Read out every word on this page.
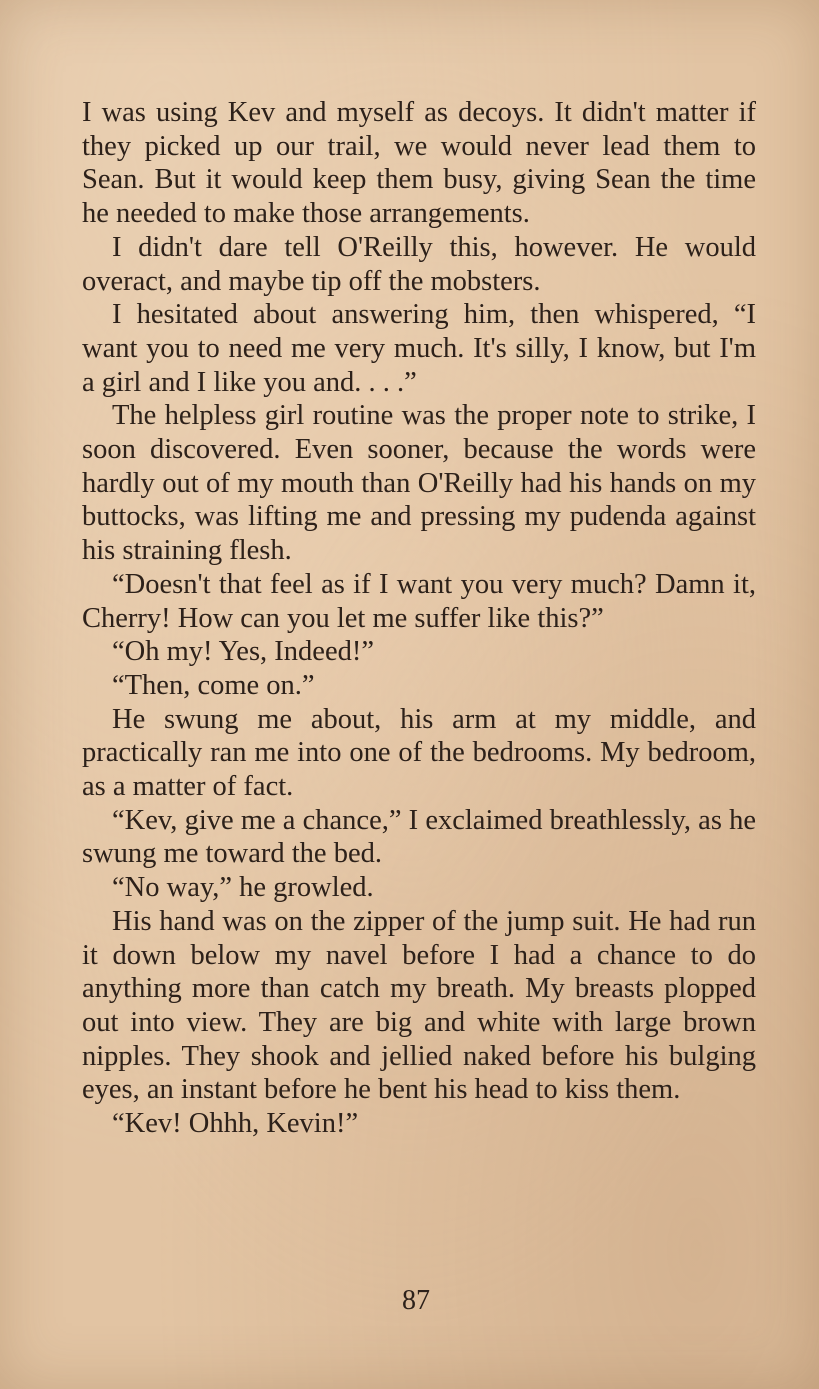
I was using Kev and myself as decoys. It didn't matter if they picked up our trail, we would never lead them to Sean. But it would keep them busy, giving Sean the time he needed to make those arrangements.

I didn't dare tell O'Reilly this, however. He would overact, and maybe tip off the mobsters.

I hesitated about answering him, then whispered, “I want you to need me very much. It's silly, I know, but I'm a girl and I like you and. . . .”

The helpless girl routine was the proper note to strike, I soon discovered. Even sooner, because the words were hardly out of my mouth than O'Reilly had his hands on my buttocks, was lifting me and pressing my pudenda against his straining flesh.

“Doesn't that feel as if I want you very much? Damn it, Cherry! How can you let me suffer like this?”

“Oh my! Yes, Indeed!”

“Then, come on.”

He swung me about, his arm at my middle, and practically ran me into one of the bedrooms. My bedroom, as a matter of fact.

“Kev, give me a chance,” I exclaimed breathlessly, as he swung me toward the bed.

“No way,” he growled.

His hand was on the zipper of the jump suit. He had run it down below my navel before I had a chance to do anything more than catch my breath. My breasts plopped out into view. They are big and white with large brown nipples. They shook and jellied naked before his bulging eyes, an instant before he bent his head to kiss them.

“Kev! Ohhh, Kevin!”

87
